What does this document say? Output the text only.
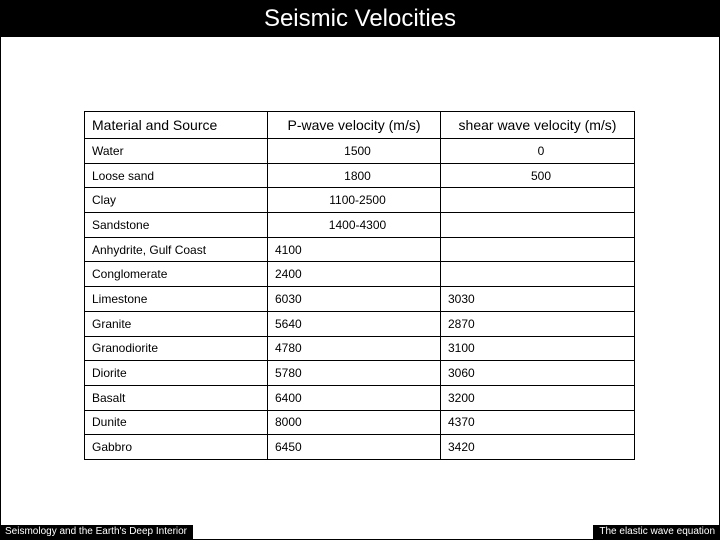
Seismic Velocities
Material and Source	P-wave velocity (m/s)	shear wave velocity (m/s)
Water	1500	0
Loose sand	1800	500
Clay	1100-2500	
Sandstone	1400-4300	
Anhydrite, Gulf Coast	4100	
Conglomerate	2400	
Limestone	6030	3030
Granite	5640	2870
Granodiorite	4780	3100
Diorite	5780	3060
Basalt	6400	3200
Dunite	8000	4370
Gabbro	6450	3420
Seismology and the Earth's Deep Interior	The elastic wave equation
